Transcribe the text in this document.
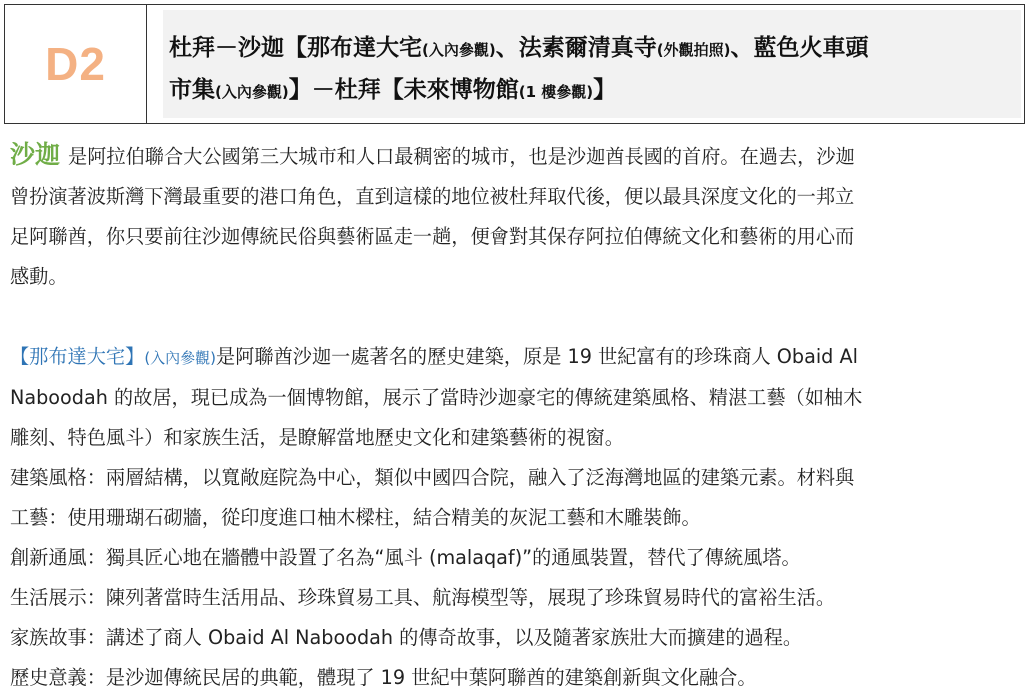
D2	杜拜－沙迦【那布達大宅(入內參觀)、法素爾清真寺(外觀拍照)、藍色火車頭
市集(入內參觀)】－杜拜【未來博物館(1 樓參觀)】
沙迦 是阿拉伯聯合大公國第三大城市和人口最稠密的城市，也是沙迦酋長國的首府。在過去，沙迦
曾扮演著波斯灣下灣最重要的港口角色，直到這樣的地位被杜拜取代後，便以最具深度文化的一邦立
足阿聯酋，你只要前往沙迦傳統民俗與藝術區走一趟，便會對其保存阿拉伯傳統文化和藝術的用心而
感動。
【那布達大宅】(入內參觀)是阿聯酋沙迦一處著名的歷史建築，原是 19 世紀富有的珍珠商人 Obaid Al
Naboodah 的故居，現已成為一個博物館，展示了當時沙迦豪宅的傳統建築風格、精湛工藝（如柚木
雕刻、特色風斗）和家族生活，是瞭解當地歷史文化和建築藝術的視窗。
建築風格：兩層結構，以寬敞庭院為中心，類似中國四合院，融入了泛海灣地區的建築元素。材料與
工藝：使用珊瑚石砌牆，從印度進口柚木樑柱，結合精美的灰泥工藝和木雕裝飾。
創新通風：獨具匠心地在牆體中設置了名為“風斗 (malaqaf)”的通風裝置，替代了傳統風塔。
生活展示：陳列著當時生活用品、珍珠貿易工具、航海模型等，展現了珍珠貿易時代的富裕生活。
家族故事：講述了商人 Obaid Al Naboodah 的傳奇故事，以及隨著家族壯大而擴建的過程。
歷史意義：是沙迦傳統民居的典範，體現了 19 世紀中葉阿聯酋的建築創新與文化融合。
